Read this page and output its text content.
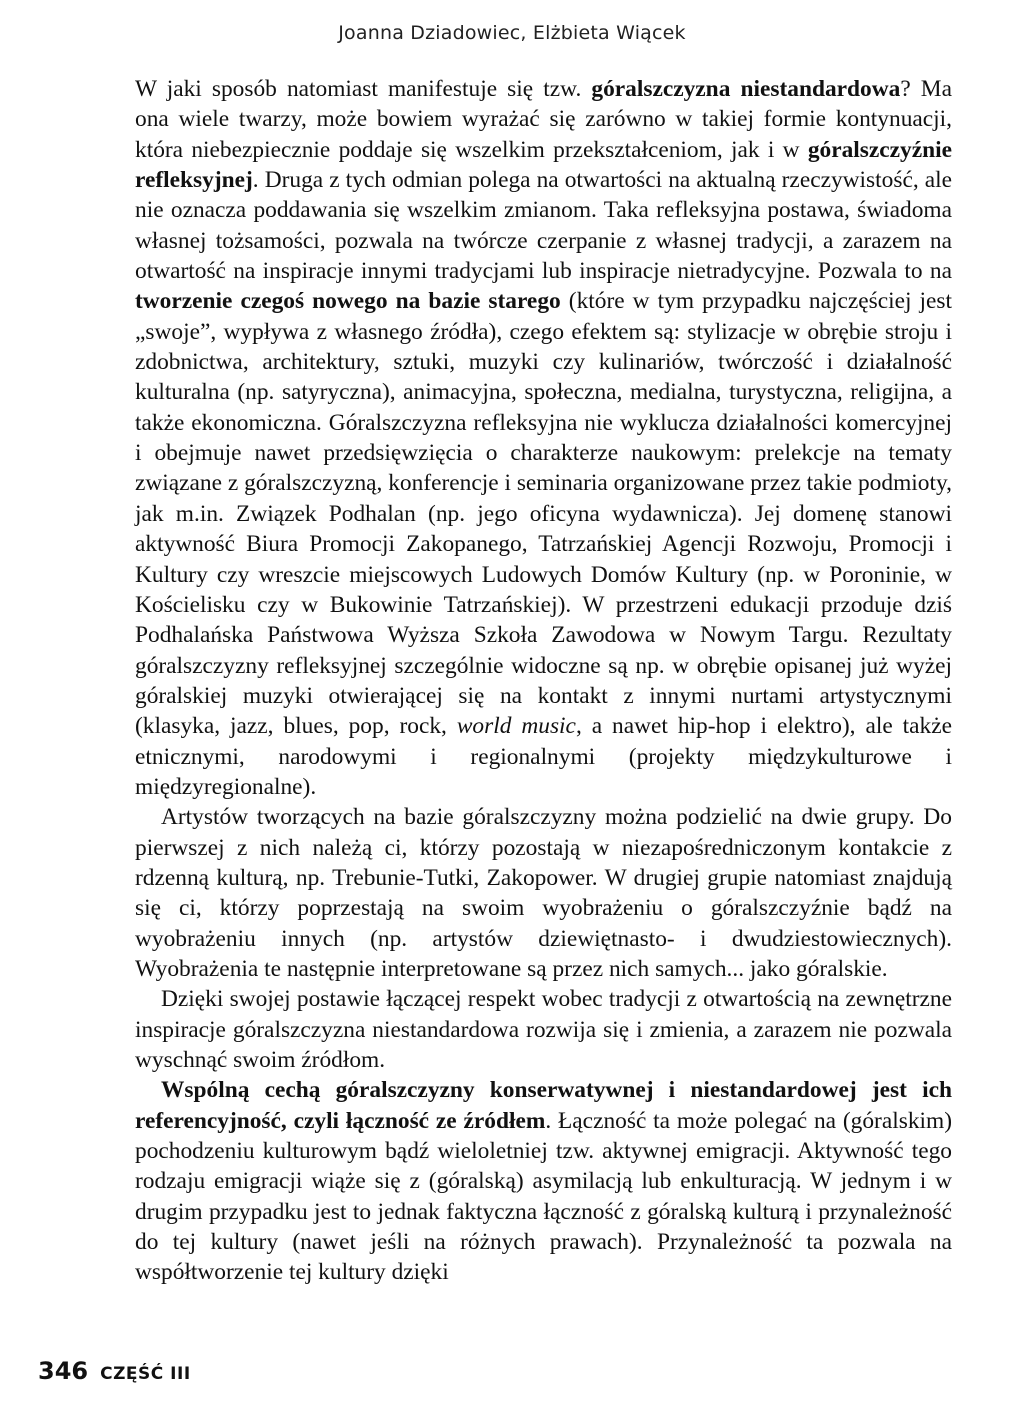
Joanna Dziadowiec, Elżbieta Wiącek

W jaki sposób natomiast manifestuje się tzw. góralszczyzna niestandardowa? Ma ona wiele twarzy, może bowiem wyrażać się zarówno w takiej formie kontynuacji, która niebezpiecznie poddaje się wszelkim przekształceniom, jak i w góralszczyźnie refleksyjnej. Druga z tych odmian polega na otwartości na aktualną rzeczywistość, ale nie oznacza poddawania się wszelkim zmianom. Taka refleksyjna postawa, świadoma własnej tożsamości, pozwala na twórcze czerpanie z własnej tradycji, a zarazem na otwartość na inspiracje innymi tradycjami lub inspiracje nietradycyjne. Pozwala to na tworzenie czegoś nowego na bazie starego (które w tym przypadku najczęściej jest „swoje”, wypływa z własnego źródła), czego efektem są: stylizacje w obrębie stroju i zdobnictwa, architektury, sztuki, muzyki czy kulinariów, twórczość i działalność kulturalna (np. satyryczna), animacyjna, społeczna, medialna, turystyczna, religijna, a także ekonomiczna. Góralszczyzna refleksyjna nie wyklucza działalności komercyjnej i obejmuje nawet przedsięwzięcia o charakterze naukowym: prelekcje na tematy związane z góralszczyzną, konferencje i seminaria organizowane przez takie podmioty, jak m.in. Związek Podhalan (np. jego oficyna wydawnicza). Jej domenę stanowi aktywność Biura Promocji Zakopanego, Tatrzańskiej Agencji Rozwoju, Promocji i Kultury czy wreszcie miejscowych Ludowych Domów Kultury (np. w Poroninie, w Kościelisku czy w Bukowinie Tatrzańskiej). W przestrzeni edukacji przoduje dziś Podhalańska Państwowa Wyższa Szkoła Zawodowa w Nowym Targu. Rezultaty góralszczyzny refleksyjnej szczególnie widoczne są np. w obrębie opisanej już wyżej góralskiej muzyki otwierającej się na kontakt z innymi nurtami artystycznymi (klasyka, jazz, blues, pop, rock, world music, a nawet hip-hop i elektro), ale także etnicznymi, narodowymi i regionalnymi (projekty międzykulturowe i międzyregionalne).

Artystów tworzących na bazie góralszczyzny można podzielić na dwie grupy. Do pierwszej z nich należą ci, którzy pozostają w niezapośredniczonym kontakcie z rdzenną kulturą, np. Trebunie-Tutki, Zakopower. W drugiej grupie natomiast znajdują się ci, którzy poprzestają na swoim wyobrażeniu o góralszczyźnie bądź na wyobrażeniu innych (np. artystów dziewiętnasto- i dwudziestowiecznych). Wyobrażenia te następnie interpretowane są przez nich samych... jako góralskie.

Dzięki swojej postawie łączącej respekt wobec tradycji z otwartością na zewnętrzne inspiracje góralszczyzna niestandardowa rozwija się i zmienia, a zarazem nie pozwala wyschnąć swoim źródłom.

Wspólną cechą góralszczyzny konserwatywnej i niestandardowej jest ich referencyjność, czyli łączność ze źródłem. Łączność ta może polegać na (góralskim) pochodzeniu kulturowym bądź wieloletniej tzw. aktywnej emigracji. Aktywność tego rodzaju emigracji wiąże się z (góralską) asymilacją lub enkulturacją. W jednym i w drugim przypadku jest to jednak faktyczna łączność z góralską kulturą i przynależność do tej kultury (nawet jeśli na różnych prawach). Przynależność ta pozwala na współtworzenie tej kultury dzięki

346 CZĘŚĆ III
